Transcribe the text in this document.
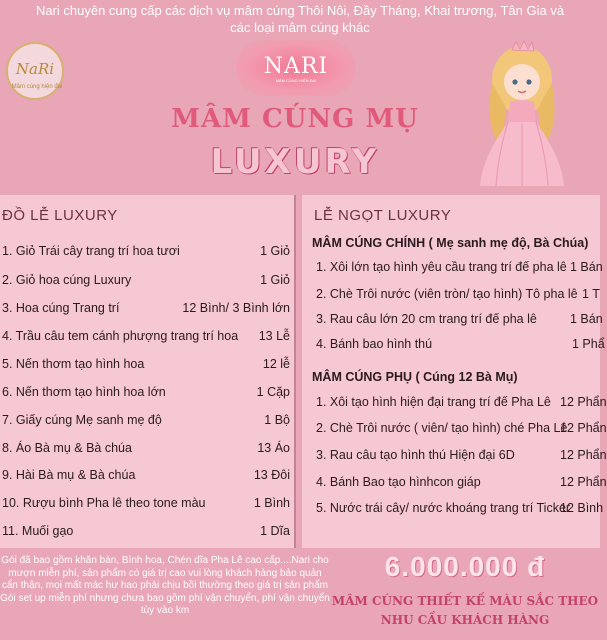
Nari chuyên cung cấp các dịch vụ mâm cúng Thôi Nôi, Đầy Tháng, Khai trương, Tân Gia và các loại mâm cúng khác
NaRi
Mâm cúng hiện đại
NARI
MÂM CÚNG HIỆN ĐẠI
MÂM CÚNG MỤ
LUXURY
ĐỒ LỄ LUXURY
1. Giỏ Trái cây trang trí hoa tươi
2. Giỏ hoa cúng Luxury
3. Hoa cúng Trang trí
4. Trầu câu tem cánh phượng trang trí hoa
5. Nến thơm tạo hình hoa
6. Nến thơm tạo hình hoa lớn
7. Giấy cúng Mẹ sanh mẹ độ
8. Áo Bà mụ & Bà chúa
9. Hài Bà mụ & Bà chúa
10. Rượu bình Pha lê theo tone màu
11. Muối gạo
1 Giỏ
1 Giỏ
12 Bình/ 3 Bình lớn
13 Lễ
12 lễ
1 Cặp
1 Bộ
13 Áo
13 Đôi
1 Bình
1 Dĩa
LỄ NGỌT LUXURY
MÂM CÚNG CHÍNH ( Mẹ sanh mẹ độ, Bà Chúa)
1. Xôi lớn tạo hình yêu cầu trang trí đế pha lê
2. Chè Trôi nước (viên tròn/ tạo hình) Tô pha lê
3. Rau câu lớn 20 cm trang trí đế pha lê
4. Bánh bao hình thú
1 Bán
1 T
1 Bán
1 Phẩ
MÂM CÚNG PHỤ ( Cúng 12 Bà Mụ)
1. Xôi tạo hình hiện đại trang trí đế Pha Lê
2. Chè Trôi nước ( viên/ tạo hình) ché Pha Lê
3. Rau câu tạo hình thú Hiện đại 6D
4. Bánh Bao tạo hìnhcon giáp
5. Nước trái cây/ nước khoáng trang trí Ticker
12 Phẩn
12 Phẩn
12 Phẩn
12 Phẩn
12 Bình
Gói đã bao gồm khăn bàn, Bình hoa, Chén dĩa Pha Lê cao cấp....Nari cho mượn miễn phí, sản phẩm có giá trị cao vui lòng khách hàng bảo quản cẩn thận, mọi mất mác hư hao phải chịu bồi thường theo giá trị sản phẩm
Gói set up miễn phí nhưng chưa bao gồm phí vận chuyển, phí vận chuyển tùy vào km
6.000.000 đ
MÂM CÚNG THIẾT KẾ MÀU SẮC THEO NHU CẦU KHÁCH HÀNG
